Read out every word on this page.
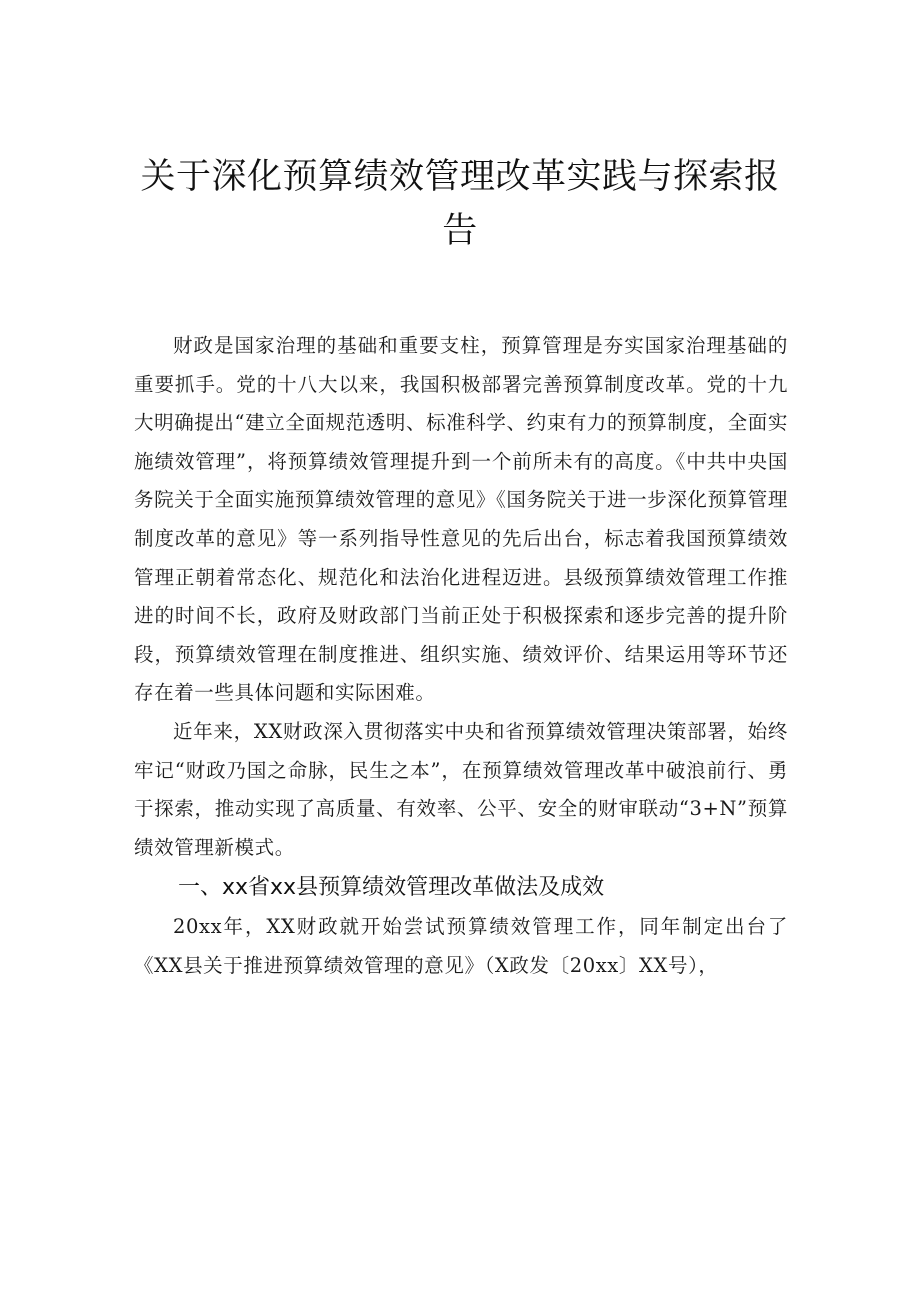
关于深化预算绩效管理改革实践与探索报告

财政是国家治理的基础和重要支柱，预算管理是夯实国家治理基础的重要抓手。党的十八大以来，我国积极部署完善预算制度改革。党的十九大明确提出“建立全面规范透明、标准科学、约束有力的预算制度，全面实施绩效管理”，将预算绩效管理提升到一个前所未有的高度。《中共中央国务院关于全面实施预算绩效管理的意见》《国务院关于进一步深化预算管理制度改革的意见》等一系列指导性意见的先后出台，标志着我国预算绩效管理正朝着常态化、规范化和法治化进程迈进。县级预算绩效管理工作推进的时间不长，政府及财政部门当前正处于积极探索和逐步完善的提升阶段，预算绩效管理在制度推进、组织实施、绩效评价、结果运用等环节还存在着一些具体问题和实际困难。

近年来，XX财政深入贯彻落实中央和省预算绩效管理决策部署，始终牢记“财政乃国之命脉，民生之本”，在预算绩效管理改革中破浪前行、勇于探索，推动实现了高质量、有效率、公平、安全的财审联动“3+N”预算绩效管理新模式。

一、xx省xx县预算绩效管理改革做法及成效

20xx年，XX财政就开始尝试预算绩效管理工作，同年制定出台了《XX县关于推进预算绩效管理的意见》（X政发〔20xx〕XX号），
